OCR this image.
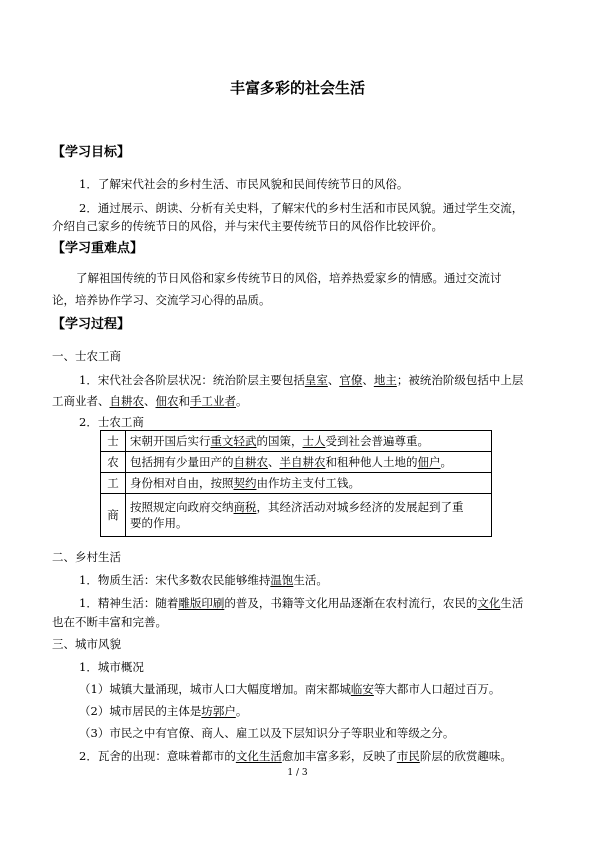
丰富多彩的社会生活
【学习目标】
1．了解宋代社会的乡村生活、市民风貌和民间传统节日的风俗。
2．通过展示、朗读、分析有关史料，了解宋代的乡村生活和市民风貌。通过学生交流，
介绍自己家乡的传统节日的风俗，并与宋代主要传统节日的风俗作比较评价。
【学习重难点】
了解祖国传统的节日风俗和家乡传统节日的风俗，培养热爱家乡的情感。通过交流讨
论，培养协作学习、交流学习心得的品质。
【学习过程】
一、士农工商
1．宋代社会各阶层状况：统治阶层主要包括皇室、官僚、地主；被统治阶级包括中上层
工商业者、自耕农、佃农和手工业者。
2．士农工商
士	宋朝开国后实行重文轻武的国策，士人受到社会普遍尊重。
农	包括拥有少量田产的自耕农、半自耕农和租种他人土地的佃户。
工	身份相对自由，按照契约由作坊主支付工钱。
商	按照规定向政府交纳商税，其经济活动对城乡经济的发展起到了重
要的作用。
二、乡村生活
1．物质生活：宋代多数农民能够维持温饱生活。
1．精神生活：随着雕版印刷的普及，书籍等文化用品逐渐在农村流行，农民的文化生活
也在不断丰富和完善。
三、城市风貌
1．城市概况
（1）城镇大量涌现，城市人口大幅度增加。南宋都城临安等大都市人口超过百万。
（2）城市居民的主体是坊郭户。
（3）市民之中有官僚、商人、雇工以及下层知识分子等职业和等级之分。
2．瓦舍的出现：意味着都市的文化生活愈加丰富多彩，反映了市民阶层的欣赏趣味。
1 / 3
